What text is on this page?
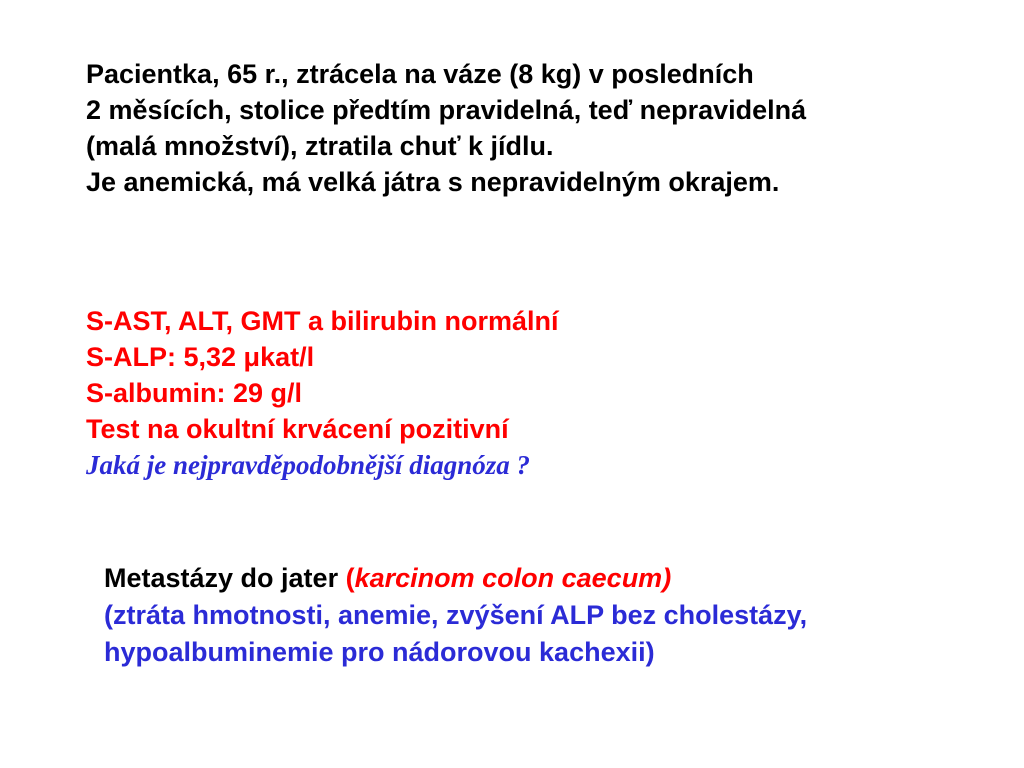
Pacientka, 65 r., ztrácela na váze (8 kg) v posledních
2 měsících, stolice předtím pravidelná, teď nepravidelná
(malá množství), ztratila chuť k jídlu.
Je anemická, má velká játra s nepravidelným okrajem.
S-AST, ALT, GMT a bilirubin normální
S-ALP: 5,32 μkat/l
S-albumin: 29 g/l
Test na okultní krvácení pozitivní
Jaká je nejpravděpodobnější diagnóza ?
Metastázy do jater (karcinom colon caecum)
(ztráta hmotnosti, anemie, zvýšení ALP bez cholestázy,
hypoalbuminemie pro nádorovou kachexii)
